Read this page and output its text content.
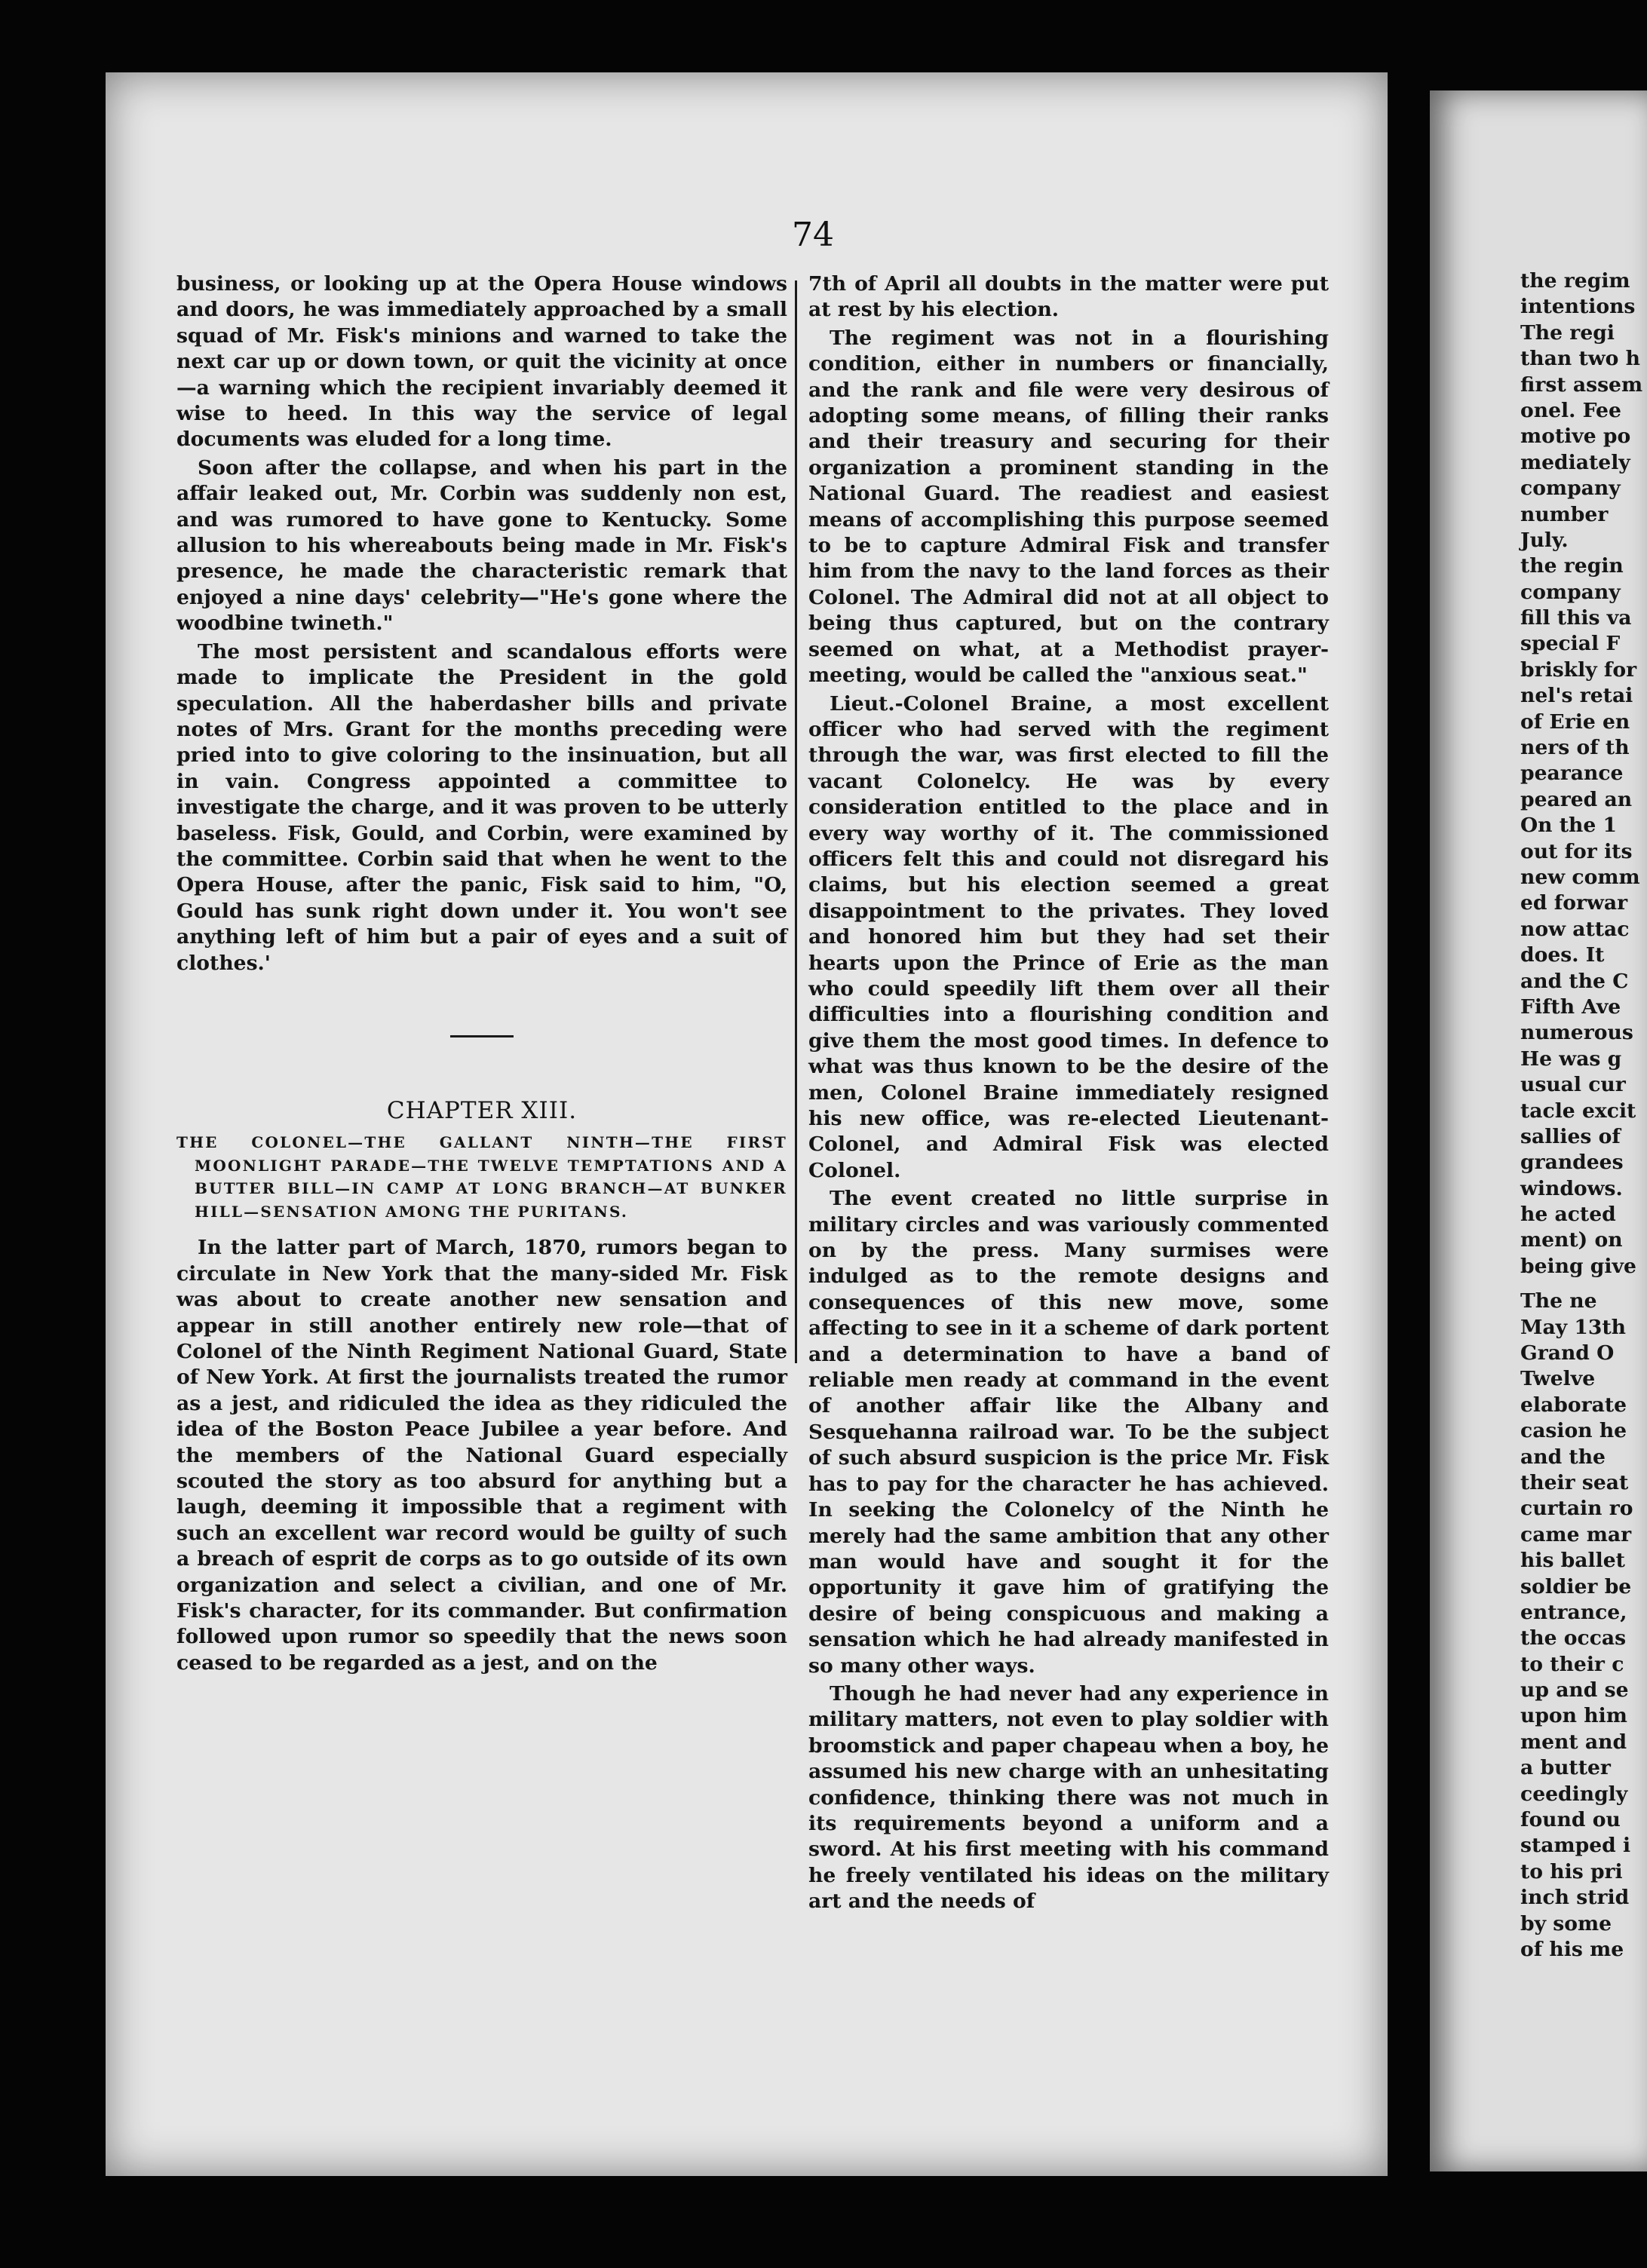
74

business, or looking up at the Opera House windows and doors, he was immediately approached by a small squad of Mr. Fisk's minions and warned to take the next car up or down town, or quit the vicinity at once—a warning which the recipient invariably deemed it wise to heed. In this way the service of legal documents was eluded for a long time.

Soon after the collapse, and when his part in the affair leaked out, Mr. Corbin was suddenly non est, and was rumored to have gone to Kentucky. Some allusion to his whereabouts being made in Mr. Fisk's presence, he made the characteristic remark that enjoyed a nine days' celebrity—"He's gone where the woodbine twineth."

The most persistent and scandalous efforts were made to implicate the President in the gold speculation. All the haberdasher bills and private notes of Mrs. Grant for the months preceding were pried into to give coloring to the insinuation, but all in vain. Congress appointed a committee to investigate the charge, and it was proven to be utterly baseless. Fisk, Gould, and Corbin, were examined by the committee. Corbin said that when he went to the Opera House, after the panic, Fisk said to him, "O, Gould has sunk right down under it. You won't see anything left of him but a pair of eyes and a suit of clothes.'

CHAPTER XIII.
THE COLONEL—THE GALLANT NINTH—THE FIRST MOONLIGHT PARADE—THE TWELVE TEMPTATIONS AND A BUTTER BILL—IN CAMP AT LONG BRANCH—AT BUNKER HILL—SENSATION AMONG THE PURITANS.

In the latter part of March, 1870, rumors began to circulate in New York that the many-sided Mr. Fisk was about to create another new sensation and appear in still another entirely new role—that of Colonel of the Ninth Regiment National Guard, State of New York. At first the journalists treated the rumor as a jest, and ridiculed the idea as they ridiculed the idea of the Boston Peace Jubilee a year before. And the members of the National Guard especially scouted the story as too absurd for anything but a laugh, deeming it impossible that a regiment with such an excellent war record would be guilty of such a breach of esprit de corps as to go outside of its own organization and select a civilian, and one of Mr. Fisk's character, for its commander. But confirmation followed upon rumor so speedily that the news soon ceased to be regarded as a jest, and on the

7th of April all doubts in the matter were put at rest by his election.

The regiment was not in a flourishing condition, either in numbers or financially, and the rank and file were very desirous of adopting some means, of filling their ranks and their treasury and securing for their organization a prominent standing in the National Guard. The readiest and easiest means of accomplishing this purpose seemed to be to capture Admiral Fisk and transfer him from the navy to the land forces as their Colonel. The Admiral did not at all object to being thus captured, but on the contrary seemed on what, at a Methodist prayer-meeting, would be called the "anxious seat."

Lieut.-Colonel Braine, a most excellent officer who had served with the regiment through the war, was first elected to fill the vacant Colonelcy. He was by every consideration entitled to the place and in every way worthy of it. The commissioned officers felt this and could not disregard his claims, but his election seemed a great disappointment to the privates. They loved and honored him but they had set their hearts upon the Prince of Erie as the man who could speedily lift them over all their difficulties into a flourishing condition and give them the most good times. In defence to what was thus known to be the desire of the men, Colonel Braine immediately resigned his new office, was re-elected Lieutenant-Colonel, and Admiral Fisk was elected Colonel.

The event created no little surprise in military circles and was variously commented on by the press. Many surmises were indulged as to the remote designs and consequences of this new move, some affecting to see in it a scheme of dark portent and a determination to have a band of reliable men ready at command in the event of another affair like the Albany and Sesquehanna railroad war. To be the subject of such absurd suspicion is the price Mr. Fisk has to pay for the character he has achieved. In seeking the Colonelcy of the Ninth he merely had the same ambition that any other man would have and sought it for the opportunity it gave him of gratifying the desire of being conspicuous and making a sensation which he had already manifested in so many other ways.

Though he had never had any experience in military matters, not even to play soldier with broomstick and paper chapeau when a boy, he assumed his new charge with an unhesitating confidence, thinking there was not much in its requirements beyond a uniform and a sword. At his first meeting with his command he freely ventilated his ideas on the military art and the needs of

the regim
intentions
The regi
than two h
first assem
onel. Fee
motive po
mediately
company
number
July.
the regin
company
fill this va
special F
briskly for
nel's retai
of Erie en
ners of th
pearance
peared an
On the 1
out for its
new comm
ed forwar
now attac
does. It
and the C
Fifth Ave
numerous
He was g
usual cur
tacle excit
sallies of
grandees
windows.
he acted
ment) on
being give
The ne
May 13th
Grand O
Twelve
elaborate
casion he
and the
their seat
curtain ro
came mar
his ballet
soldier be
entrance,
the occas
to their c
up and se
upon him
ment and
a butter
ceedingly
found ou
stamped i
to his pri
inch strid
by some
of his me
